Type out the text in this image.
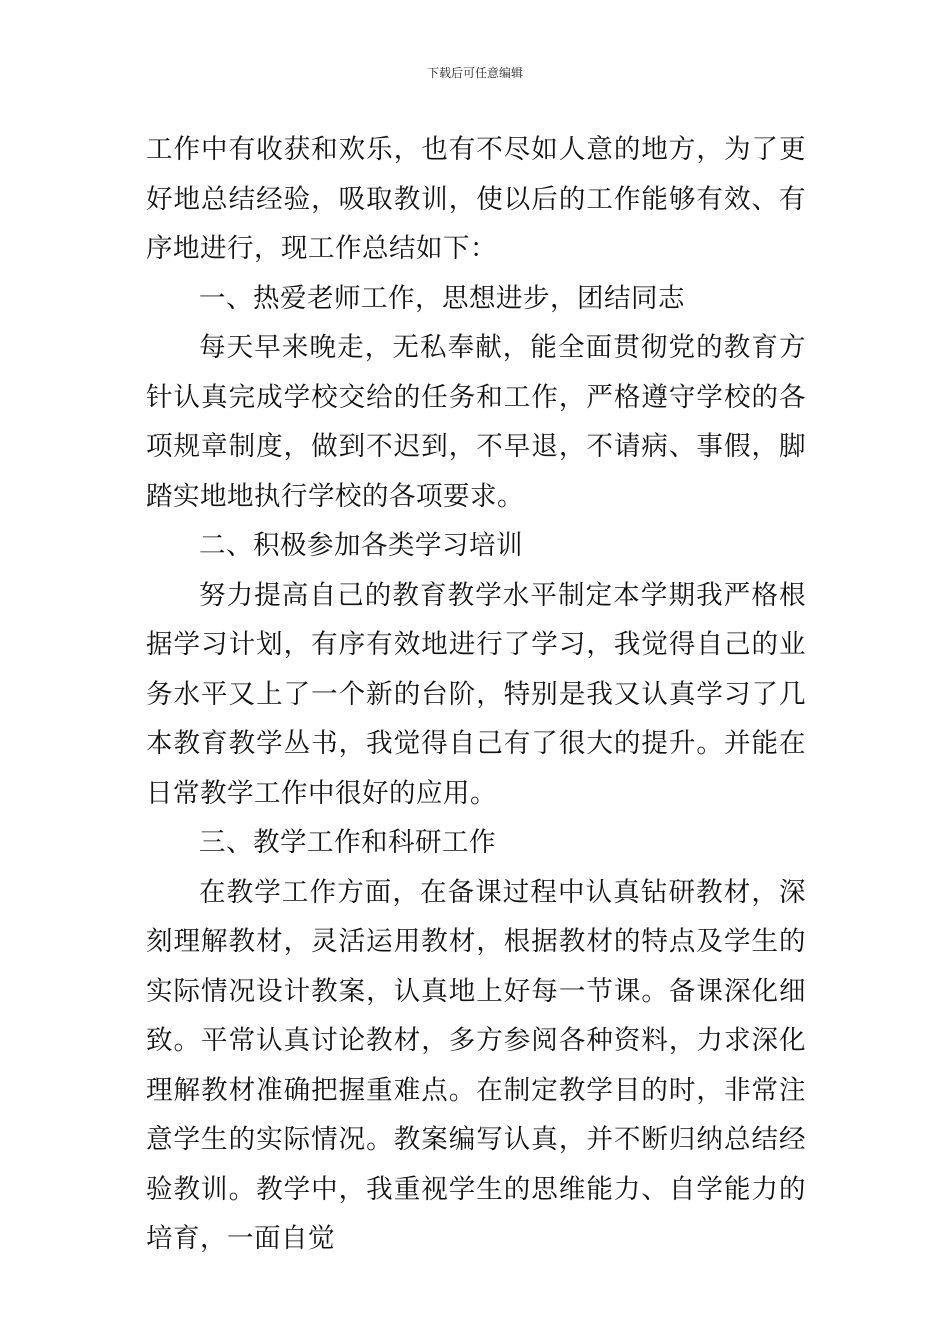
下载后可任意编辑

工作中有收获和欢乐，也有不尽如人意的地方，为了更好地总结经验，吸取教训，使以后的工作能够有效、有序地进行，现工作总结如下：

一、热爱老师工作，思想进步，团结同志

每天早来晚走，无私奉献，能全面贯彻党的教育方针认真完成学校交给的任务和工作，严格遵守学校的各项规章制度，做到不迟到，不早退，不请病、事假，脚踏实地地执行学校的各项要求。

二、积极参加各类学习培训

努力提高自己的教育教学水平制定本学期我严格根据学习计划，有序有效地进行了学习，我觉得自己的业务水平又上了一个新的台阶，特别是我又认真学习了几本教育教学丛书，我觉得自己有了很大的提升。并能在日常教学工作中很好的应用。

三、教学工作和科研工作

在教学工作方面，在备课过程中认真钻研教材，深刻理解教材，灵活运用教材，根据教材的特点及学生的实际情况设计教案，认真地上好每一节课。备课深化细致。平常认真讨论教材，多方参阅各种资料，力求深化理解教材准确把握重难点。在制定教学目的时，非常注意学生的实际情况。教案编写认真，并不断归纳总结经验教训。教学中，我重视学生的思维能力、自学能力的培育，一面自觉
